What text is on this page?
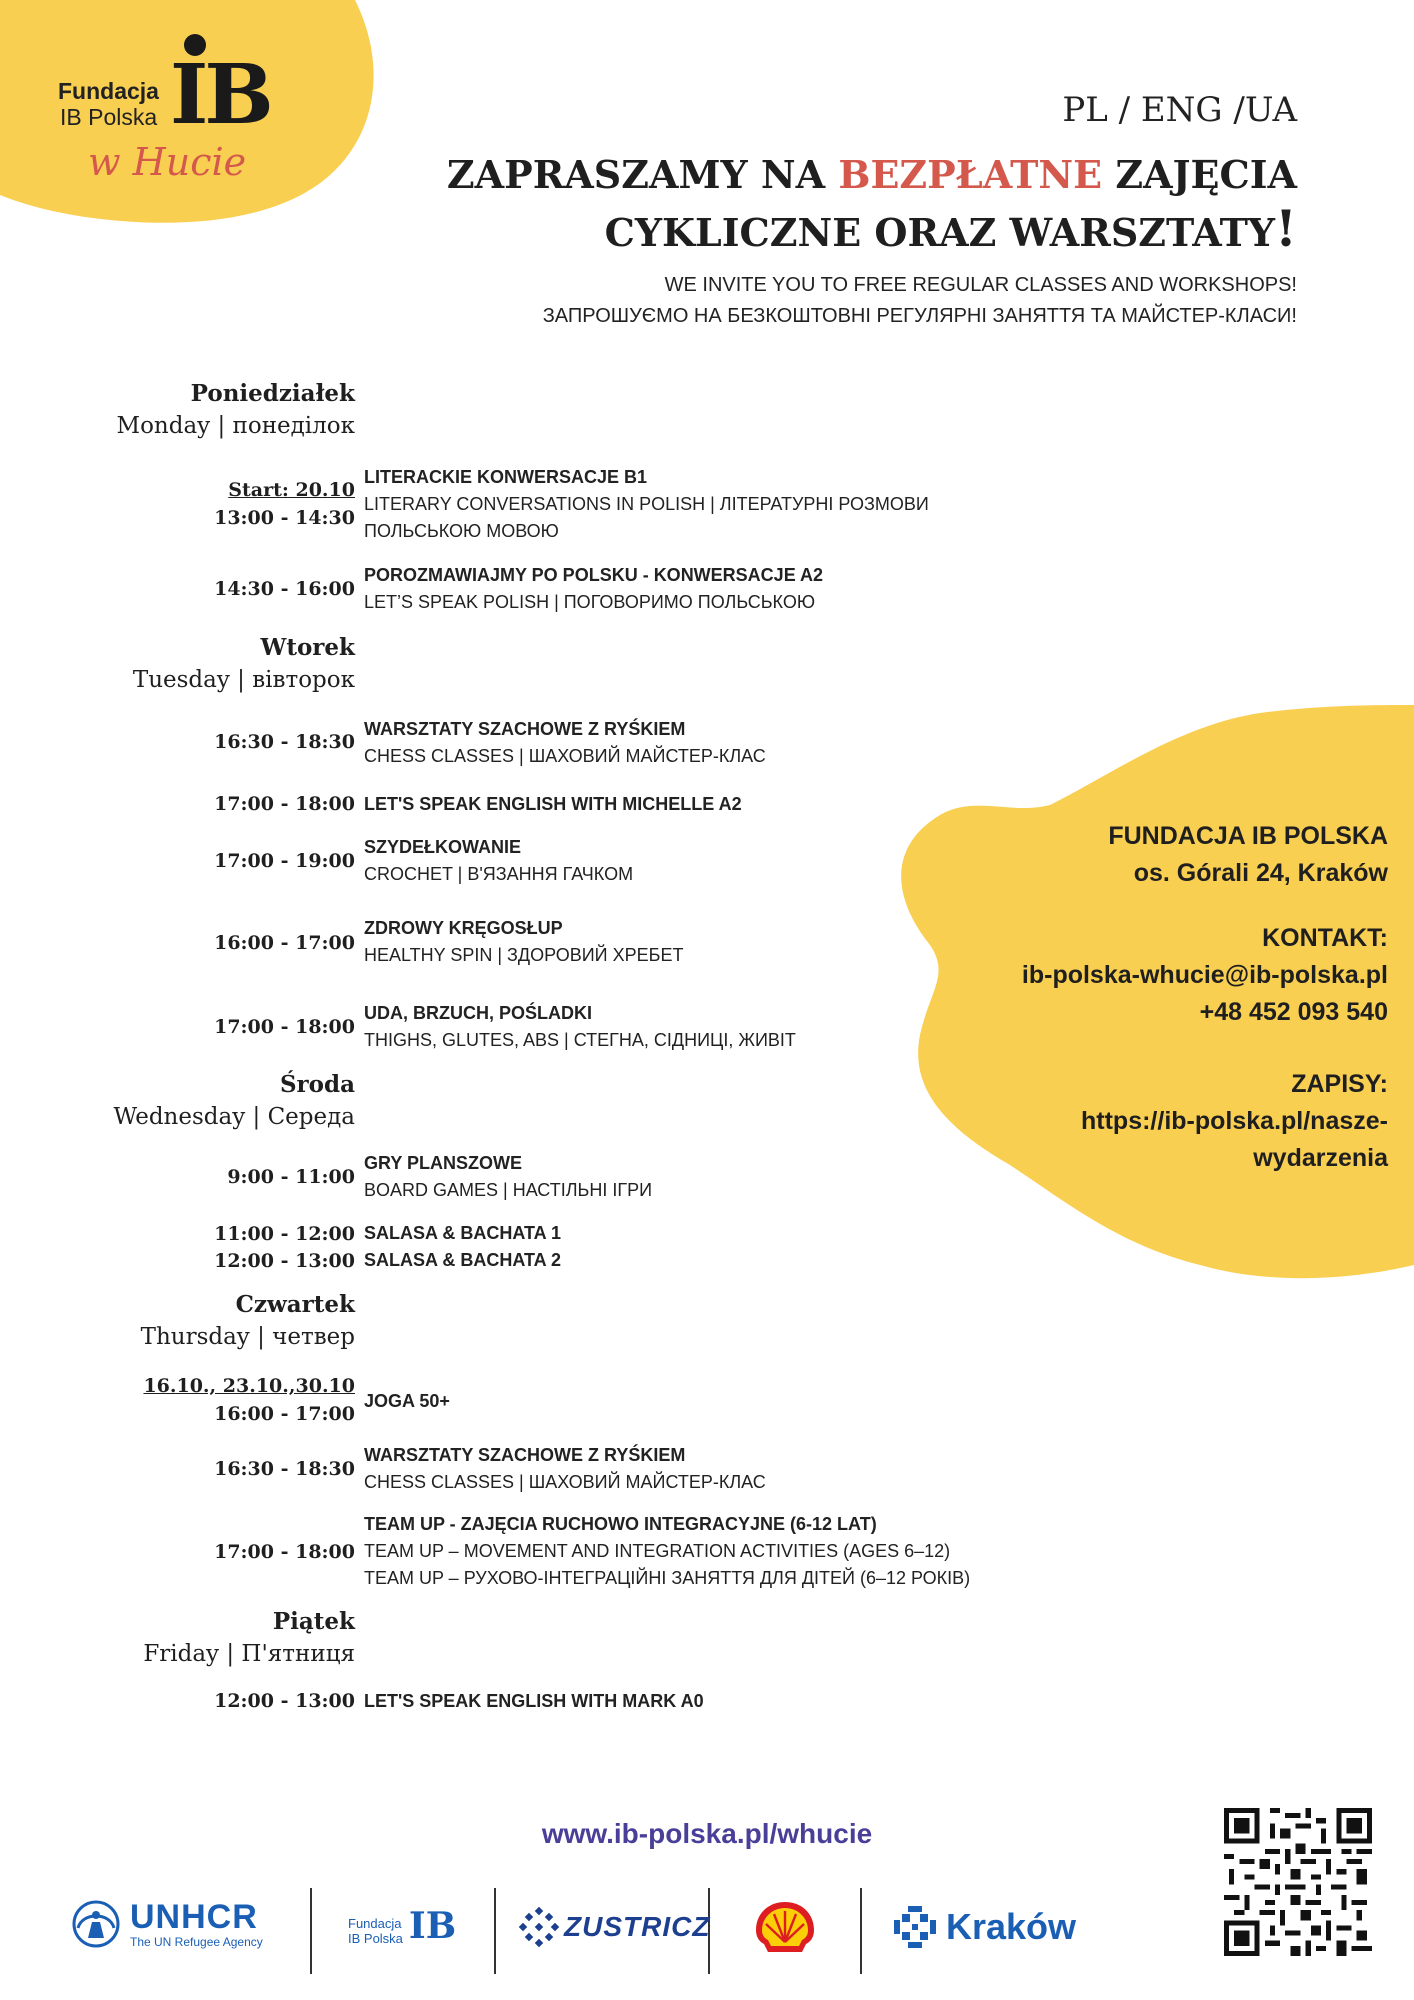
Fundacja
IB Polska IB
w Hucie
PL / ENG /UA
ZAPRASZAMY NA BEZPŁATNE ZAJĘCIA
CYKLICZNE ORAZ WARSZTATY!
WE INVITE YOU TO FREE REGULAR CLASSES AND WORKSHOPS!
ЗАПРОШУЄМО НА БЕЗКОШТОВНІ РЕГУЛЯРНІ ЗАНЯТТЯ ТА МАЙСТЕР-КЛАСИ!
Poniedziałek
Monday | понеділок
Start: 20.10
13:00 - 14:30
LITERACKIE KONWERSACJE B1
LITERARY CONVERSATIONS IN POLISH | ЛІТЕРАТУРНІ РОЗМОВИ
ПОЛЬСЬКОЮ МОВОЮ
14:30 - 16:00
POROZMAWIAJMY PO POLSKU - KONWERSACJE A2
LET’S SPEAK POLISH | ПОГОВОРИМО ПОЛЬСЬКОЮ
Wtorek
Tuesday | вівторок
16:30 - 18:30
WARSZTATY SZACHOWE Z RYŚKIEM
CHESS CLASSES | ШАХОВИЙ МАЙСТЕР-КЛАС
17:00 - 18:00 LET'S SPEAK ENGLISH WITH MICHELLE A2
17:00 - 19:00
SZYDEŁKOWANIE
CROCHET | В'ЯЗАННЯ ГАЧКОМ
16:00 - 17:00
ZDROWY KRĘGOSŁUP
HEALTHY SPIN | ЗДОРОВИЙ ХРЕБЕТ
17:00 - 18:00
UDA, BRZUCH, POŚLADKI
THIGHS, GLUTES, ABS | СТЕГНА, СІДНИЦІ, ЖИВІТ
Środa
Wednesday | Середа
9:00 - 11:00
GRY PLANSZOWE
BOARD GAMES | НАСТІЛЬНІ ІГРИ
11:00 - 12:00 SALASA & BACHATA 1
12:00 - 13:00 SALASA & BACHATA 2
Czwartek
Thursday | четвер
16.10., 23.10.,30.10
16:00 - 17:00
JOGA 50+
16:30 - 18:30
WARSZTATY SZACHOWE Z RYŚKIEM
CHESS CLASSES | ШАХОВИЙ МАЙСТЕР-КЛАС
17:00 - 18:00
TEAM UP - ZAJĘCIA RUCHOWO INTEGRACYJNE (6-12 LAT)
TEAM UP – MOVEMENT AND INTEGRATION ACTIVITIES (AGES 6–12)
TEAM UP – РУХОВО-ІНТЕГРАЦІЙНІ ЗАНЯТТЯ ДЛЯ ДІТЕЙ (6–12 РОКІВ)
Piątek
Friday | П'ятниця
12:00 - 13:00 LET'S SPEAK ENGLISH WITH MARK A0
FUNDACJA IB POLSKA
os. Górali 24, Kraków
KONTAKT:
ib-polska-whucie@ib-polska.pl
+48 452 093 540
ZAPISY:
https://ib-polska.pl/nasze-
wydarzenia
www.ib-polska.pl/whucie
UNHCR
The UN Refugee Agency
Fundacja
IB Polska IB	ZUSTRICZ	Kraków
